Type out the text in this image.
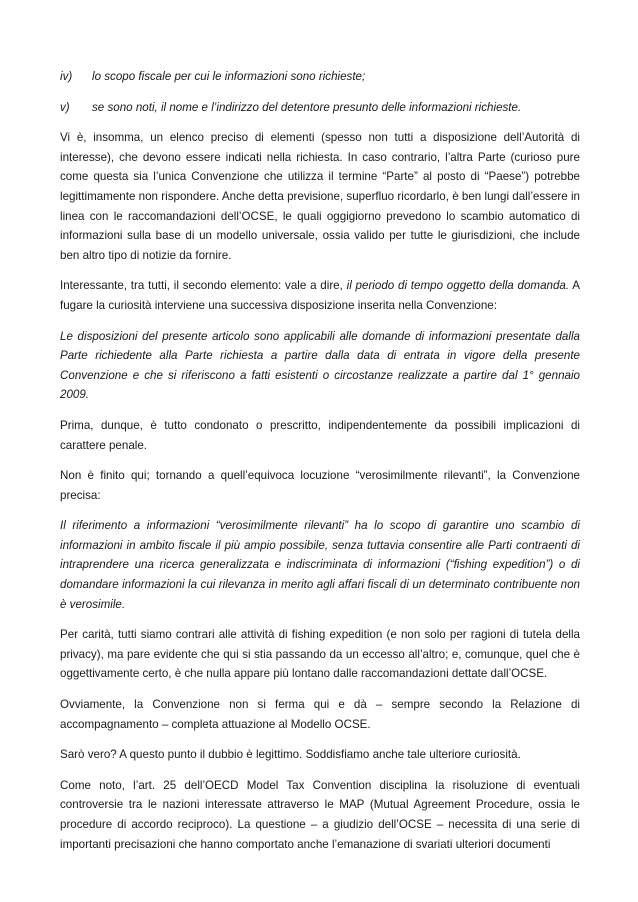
iv)	lo scopo fiscale per cui le informazioni sono richieste;
v)	se sono noti, il nome e l’indirizzo del detentore presunto delle informazioni richieste.

Vi è, insomma, un elenco preciso di elementi (spesso non tutti a disposizione dell’Autorità di interesse), che devono essere indicati nella richiesta. In caso contrario, l’altra Parte (curioso pure come questa sia l’unica Convenzione che utilizza il termine “Parte” al posto di “Paese”) potrebbe legittimamente non rispondere. Anche detta previsione, superfluo ricordarlo, è ben lungi dall’essere in linea con le raccomandazioni dell’OCSE, le quali oggigiorno prevedono lo scambio automatico di informazioni sulla base di un modello universale, ossia valido per tutte le giurisdizioni, che include ben altro tipo di notizie da fornire.

Interessante, tra tutti, il secondo elemento: vale a dire, il periodo di tempo oggetto della domanda. A fugare la curiosità interviene una successiva disposizione inserita nella Convenzione:

Le disposizioni del presente articolo sono applicabili alle domande di informazioni presentate dalla Parte richiedente alla Parte richiesta a partire dalla data di entrata in vigore della presente Convenzione e che si riferiscono a fatti esistenti o circostanze realizzate a partire dal 1° gennaio 2009.

Prima, dunque, è tutto condonato o prescritto, indipendentemente da possibili implicazioni di carattere penale.

Non è finito qui; tornando a quell’equivoca locuzione “verosimilmente rilevanti”, la Convenzione precisa:

Il riferimento a informazioni “verosimilmente rilevanti” ha lo scopo di garantire uno scambio di informazioni in ambito fiscale il più ampio possibile, senza tuttavia consentire alle Parti contraenti di intraprendere una ricerca generalizzata e indiscriminata di informazioni (“fishing expedition”) o di domandare informazioni la cui rilevanza in merito agli affari fiscali di un determinato contribuente non è verosimile.

Per carità, tutti siamo contrari alle attività di fishing expedition (e non solo per ragioni di tutela della privacy), ma pare evidente che qui si stia passando da un eccesso all’altro; e, comunque, quel che è oggettivamente certo, è che nulla appare più lontano dalle raccomandazioni dettate dall’OCSE.

Ovviamente, la Convenzione non si ferma qui e dà – sempre secondo la Relazione di accompagnamento – completa attuazione al Modello OCSE.

Sarò vero? A questo punto il dubbio è legittimo. Soddisfiamo anche tale ulteriore curiosità.

Come noto, l’art. 25 dell’OECD Model Tax Convention disciplina la risoluzione di eventuali controversie tra le nazioni interessate attraverso le MAP (Mutual Agreement Procedure, ossia le procedure di accordo reciproco). La questione – a giudizio dell’OCSE – necessita di una serie di importanti precisazioni che hanno comportato anche l’emanazione di svariati ulteriori documenti
